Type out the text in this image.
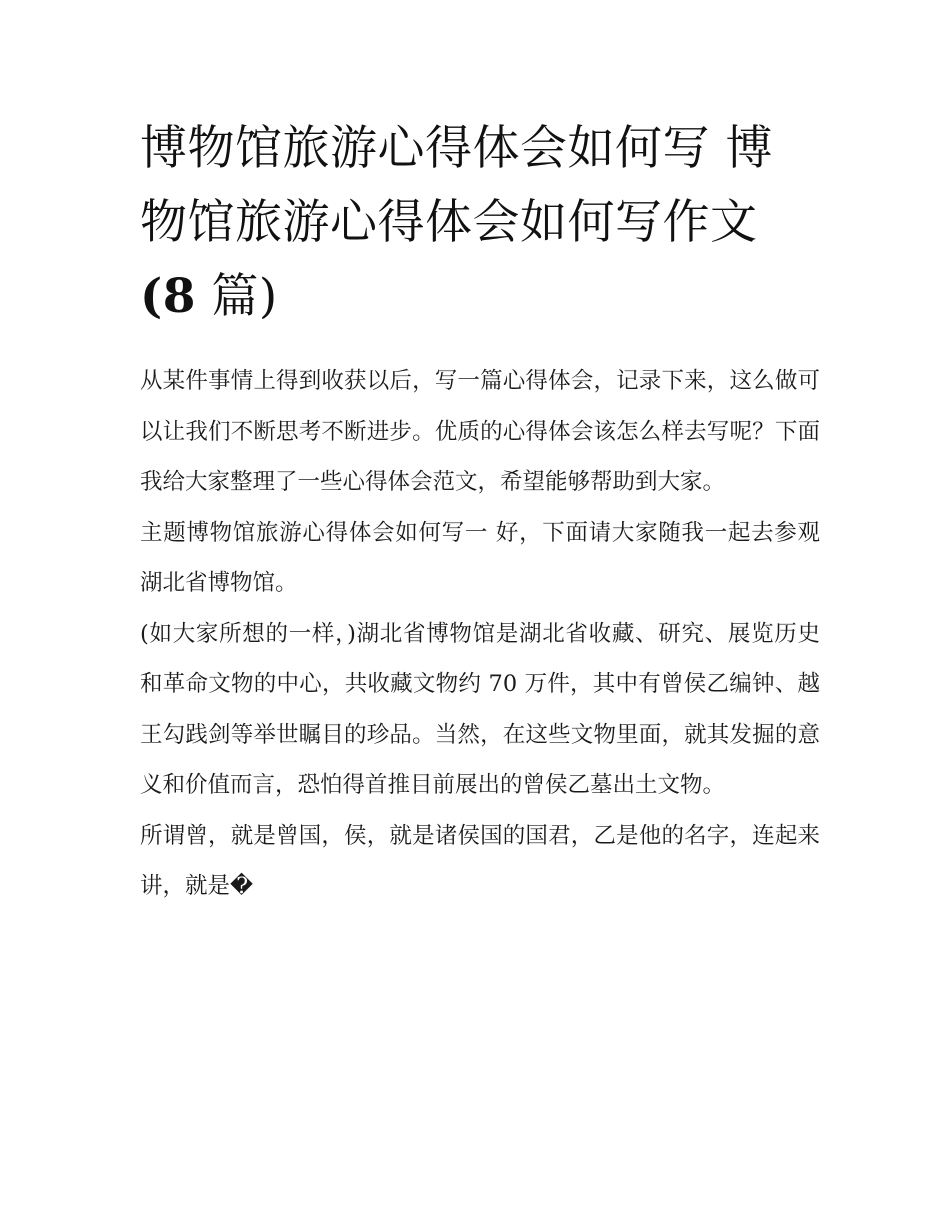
博物馆旅游心得体会如何写 博物馆旅游心得体会如何写作文
(8 篇)

从某件事情上得到收获以后，写一篇心得体会，记录下来，这么做可以让我们不断思考不断进步。优质的心得体会该怎么样去写呢？下面我给大家整理了一些心得体会范文，希望能够帮助到大家。

主题博物馆旅游心得体会如何写一 好，下面请大家随我一起去参观湖北省博物馆。

(如大家所想的一样，)湖北省博物馆是湖北省收藏、研究、展览历史和革命文物的中心，共收藏文物约 70 万件，其中有曾侯乙编钟、越王勾践剑等举世瞩目的珍品。当然，在这些文物里面，就其发掘的意义和价值而言，恐怕得首推目前展出的曾侯乙墓出土文物。

所谓曾，就是曾国，侯，就是诸侯国的国君，乙是他的名字，连起来讲，就是�
